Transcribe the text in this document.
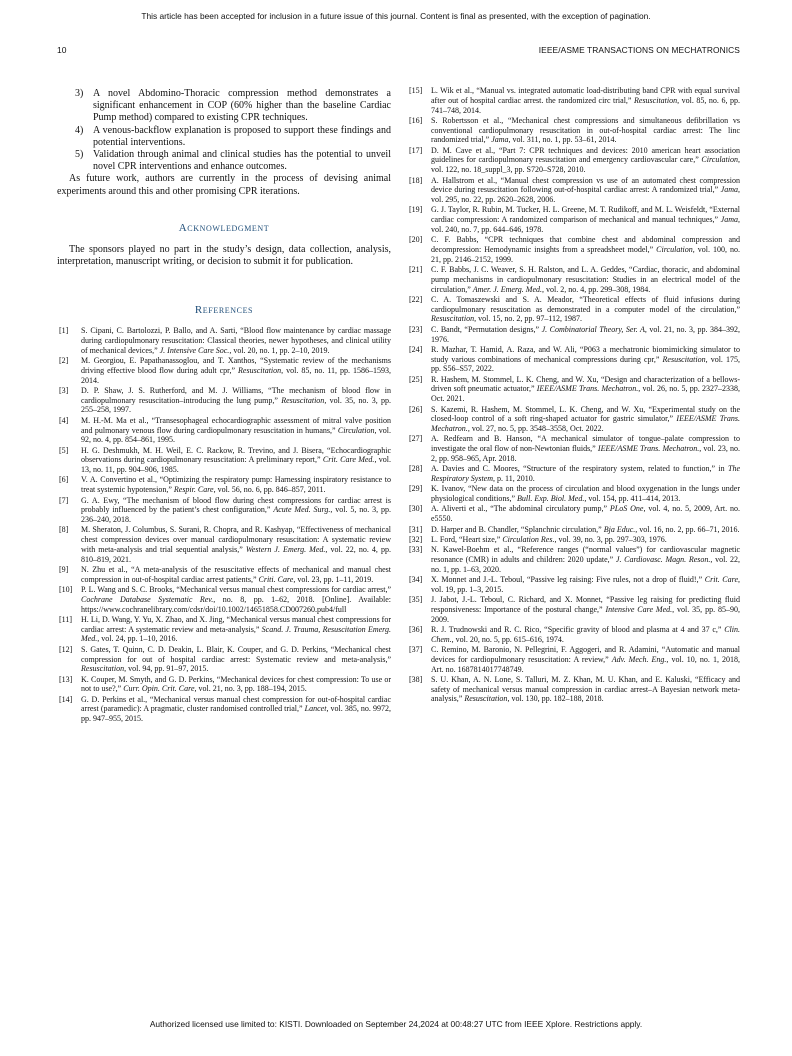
This article has been accepted for inclusion in a future issue of this journal. Content is final as presented, with the exception of pagination.
10	IEEE/ASME TRANSACTIONS ON MECHATRONICS
3) A novel Abdomino-Thoracic compression method demonstrates a significant enhancement in COP (60% higher than the baseline Cardiac Pump method) compared to existing CPR techniques.
4) A venous-backflow explanation is proposed to support these findings and potential interventions.
5) Validation through animal and clinical studies has the potential to unveil novel CPR interventions and enhance outcomes.

As future work, authors are currently in the process of devising animal experiments around this and other promising CPR iterations.

Acknowledgment

The sponsors played no part in the study’s design, data collection, analysis, interpretation, manuscript writing, or decision to submit it for publication.

References
[1] S. Cipani, C. Bartolozzi, P. Ballo, and A. Sarti, “Blood flow maintenance by cardiac massage during cardiopulmonary resuscitation: Classical theories, newer hypotheses, and clinical utility of mechanical devices,” J. Intensive Care Soc., vol. 20, no. 1, pp. 2–10, 2019.
[2] M. Georgiou, E. Papathanassoglou, and T. Xanthos, “Systematic review of the mechanisms driving effective blood flow during adult cpr,” Resuscitation, vol. 85, no. 11, pp. 1586–1593, 2014.
[3] D. P. Shaw, J. S. Rutherford, and M. J. Williams, “The mechanism of blood flow in cardiopulmonary resuscitation–introducing the lung pump,” Resuscitation, vol. 35, no. 3, pp. 255–258, 1997.
[4] M. H.-M. Ma et al., “Transesophageal echocardiographic assessment of mitral valve position and pulmonary venous flow during cardiopulmonary resuscitation in humans,” Circulation, vol. 92, no. 4, pp. 854–861, 1995.
[5] H. G. Deshmukh, M. H. Weil, E. C. Rackow, R. Trevino, and J. Bisera, “Echocardiographic observations during cardiopulmonary resuscitation: A preliminary report,” Crit. Care Med., vol. 13, no. 11, pp. 904–906, 1985.
[6] V. A. Convertino et al., “Optimizing the respiratory pump: Harnessing inspiratory resistance to treat systemic hypotension,” Respir. Care, vol. 56, no. 6, pp. 846–857, 2011.
[7] G. A. Ewy, “The mechanism of blood flow during chest compressions for cardiac arrest is probably influenced by the patient’s chest configuration,” Acute Med. Surg., vol. 5, no. 3, pp. 236–240, 2018.
[8] M. Sheraton, J. Columbus, S. Surani, R. Chopra, and R. Kashyap, “Effectiveness of mechanical chest compression devices over manual cardiopulmonary resuscitation: A systematic review with meta-analysis and trial sequential analysis,” Western J. Emerg. Med., vol. 22, no. 4, pp. 810–819, 2021.
[9] N. Zhu et al., “A meta-analysis of the resuscitative effects of mechanical and manual chest compression in out-of-hospital cardiac arrest patients,” Criti. Care, vol. 23, pp. 1–11, 2019.
[10] P. L. Wang and S. C. Brooks, “Mechanical versus manual chest compressions for cardiac arrest,” Cochrane Database Systematic Rev., no. 8, pp. 1–62, 2018. [Online]. Available: https://www.cochranelibrary.com/cdsr/doi/10.1002/14651858.CD007260.pub4/full
[11] H. Li, D. Wang, Y. Yu, X. Zhao, and X. Jing, “Mechanical versus manual chest compressions for cardiac arrest: A systematic review and meta-analysis,” Scand. J. Trauma, Resuscitation Emerg. Med., vol. 24, pp. 1–10, 2016.
[12] S. Gates, T. Quinn, C. D. Deakin, L. Blair, K. Couper, and G. D. Perkins, “Mechanical chest compression for out of hospital cardiac arrest: Systematic review and meta-analysis,” Resuscitation, vol. 94, pp. 91–97, 2015.
[13] K. Couper, M. Smyth, and G. D. Perkins, “Mechanical devices for chest compression: To use or not to use?,” Curr. Opin. Crit. Care, vol. 21, no. 3, pp. 188–194, 2015.
[14] G. D. Perkins et al., “Mechanical versus manual chest compression for out-of-hospital cardiac arrest (paramedic): A pragmatic, cluster randomised controlled trial,” Lancet, vol. 385, no. 9972, pp. 947–955, 2015.
[15] L. Wik et al., “Manual vs. integrated automatic load-distributing band CPR with equal survival after out of hospital cardiac arrest. the randomized circ trial,” Resuscitation, vol. 85, no. 6, pp. 741–748, 2014.
[16] S. Robertsson et al., “Mechanical chest compressions and simultaneous defibrillation vs conventional cardiopulmonary resuscitation in out-of-hospital cardiac arrest: The linc randomized trial,” Jama, vol. 311, no. 1, pp. 53–61, 2014.
[17] D. M. Cave et al., “Part 7: CPR techniques and devices: 2010 american heart association guidelines for cardiopulmonary resuscitation and emergency cardiovascular care,” Circulation, vol. 122, no. 18_suppl_3, pp. S720–S728, 2010.
[18] A. Hallstrom et al., “Manual chest compression vs use of an automated chest compression device during resuscitation following out-of-hospital cardiac arrest: A randomized trial,” Jama, vol. 295, no. 22, pp. 2620–2628, 2006.
[19] G. J. Taylor, R. Rubin, M. Tucker, H. L. Greene, M. T. Rudikoff, and M. L. Weisfeldt, “External cardiac compression: A randomized comparison of mechanical and manual techniques,” Jama, vol. 240, no. 7, pp. 644–646, 1978.
[20] C. F. Babbs, “CPR techniques that combine chest and abdominal compression and decompression: Hemodynamic insights from a spreadsheet model,” Circulation, vol. 100, no. 21, pp. 2146–2152, 1999.
[21] C. F. Babbs, J. C. Weaver, S. H. Ralston, and L. A. Geddes, “Cardiac, thoracic, and abdominal pump mechanisms in cardiopulmonary resuscitation: Studies in an electrical model of the circulation,” Amer. J. Emerg. Med., vol. 2, no. 4, pp. 299–308, 1984.
[22] C. A. Tomaszewski and S. A. Meador, “Theoretical effects of fluid infusions during cardiopulmonary resuscitation as demonstrated in a computer model of the circulation,” Resuscitation, vol. 15, no. 2, pp. 97–112, 1987.
[23] C. Bandt, “Permutation designs,” J. Combinatorial Theory, Ser. A, vol. 21, no. 3, pp. 384–392, 1976.
[24] R. Mazhar, T. Hamid, A. Raza, and W. Ali, “P063 a mechatronic biomimicking simulator to study various combinations of mechanical compressions during cpr,” Resuscitation, vol. 175, pp. S56–S57, 2022.
[25] R. Hashem, M. Stommel, L. K. Cheng, and W. Xu, “Design and characterization of a bellows-driven soft pneumatic actuator,” IEEE/ASME Trans. Mechatron., vol. 26, no. 5, pp. 2327–2338, Oct. 2021.
[26] S. Kazemi, R. Hashem, M. Stommel, L. K. Cheng, and W. Xu, “Experimental study on the closed-loop control of a soft ring-shaped actuator for gastric simulator,” IEEE/ASME Trans. Mechatron., vol. 27, no. 5, pp. 3548–3558, Oct. 2022.
[27] A. Redfearn and B. Hanson, “A mechanical simulator of tongue–palate compression to investigate the oral flow of non-Newtonian fluids,” IEEE/ASME Trans. Mechatron., vol. 23, no. 2, pp. 958–965, Apr. 2018.
[28] A. Davies and C. Moores, “Structure of the respiratory system, related to function,” in The Respiratory System, p. 11, 2010.
[29] K. Ivanov, “New data on the process of circulation and blood oxygenation in the lungs under physiological conditions,” Bull. Exp. Biol. Med., vol. 154, pp. 411–414, 2013.
[30] A. Aliverti et al., “The abdominal circulatory pump,” PLoS One, vol. 4, no. 5, 2009, Art. no. e5550.
[31] D. Harper and B. Chandler, “Splanchnic circulation,” Bja Educ., vol. 16, no. 2, pp. 66–71, 2016.
[32] L. Ford, “Heart size,” Circulation Res., vol. 39, no. 3, pp. 297–303, 1976.
[33] N. Kawel-Boehm et al., “Reference ranges (“normal values”) for cardiovascular magnetic resonance (CMR) in adults and children: 2020 update,” J. Cardiovasc. Magn. Reson., vol. 22, no. 1, pp. 1–63, 2020.
[34] X. Monnet and J.-L. Teboul, “Passive leg raising: Five rules, not a drop of fluid!,” Crit. Care, vol. 19, pp. 1–3, 2015.
[35] J. Jabot, J.-L. Teboul, C. Richard, and X. Monnet, “Passive leg raising for predicting fluid responsiveness: Importance of the postural change,” Intensive Care Med., vol. 35, pp. 85–90, 2009.
[36] R. J. Trudnowski and R. C. Rico, “Specific gravity of blood and plasma at 4 and 37 c,” Clin. Chem., vol. 20, no. 5, pp. 615–616, 1974.
[37] C. Remino, M. Baronio, N. Pellegrini, F. Aggogeri, and R. Adamini, “Automatic and manual devices for cardiopulmonary resuscitation: A review,” Adv. Mech. Eng., vol. 10, no. 1, 2018, Art. no. 1687814017748749.
[38] S. U. Khan, A. N. Lone, S. Talluri, M. Z. Khan, M. U. Khan, and E. Kaluski, “Efficacy and safety of mechanical versus manual compression in cardiac arrest–A Bayesian network meta-analysis,” Resuscitation, vol. 130, pp. 182–188, 2018.
Authorized licensed use limited to: KISTI. Downloaded on September 24,2024 at 00:48:27 UTC from IEEE Xplore. Restrictions apply.
